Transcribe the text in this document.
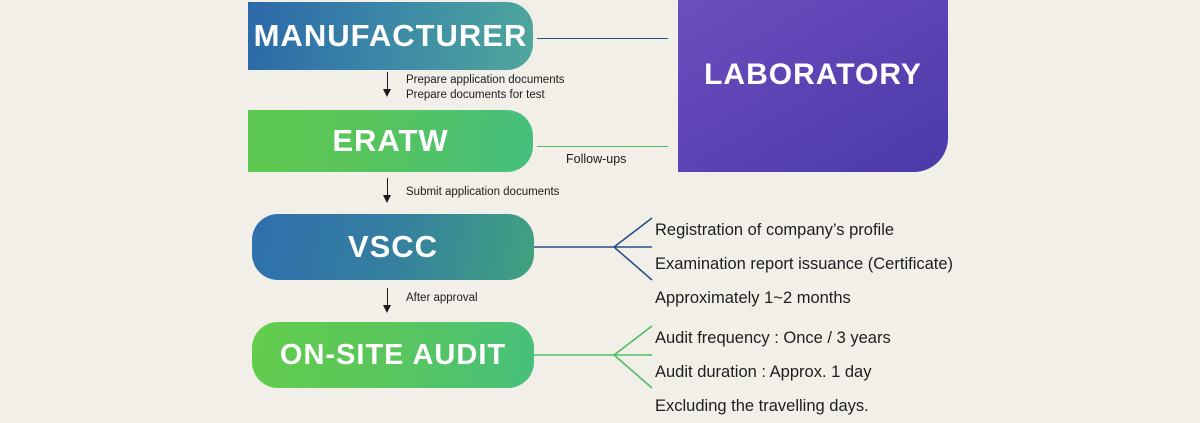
MANUFACTURER
ERATW
VSCC
ON-SITE AUDIT
LABORATORY
Follow-ups
Prepare application documents
Prepare documents for test
Submit application documents
After approval
Registration of company’s profile
Examination report issuance (Certificate)
Approximately 1~2 months
Audit frequency : Once / 3 years
Audit duration : Approx. 1 day
Excluding the travelling days.
